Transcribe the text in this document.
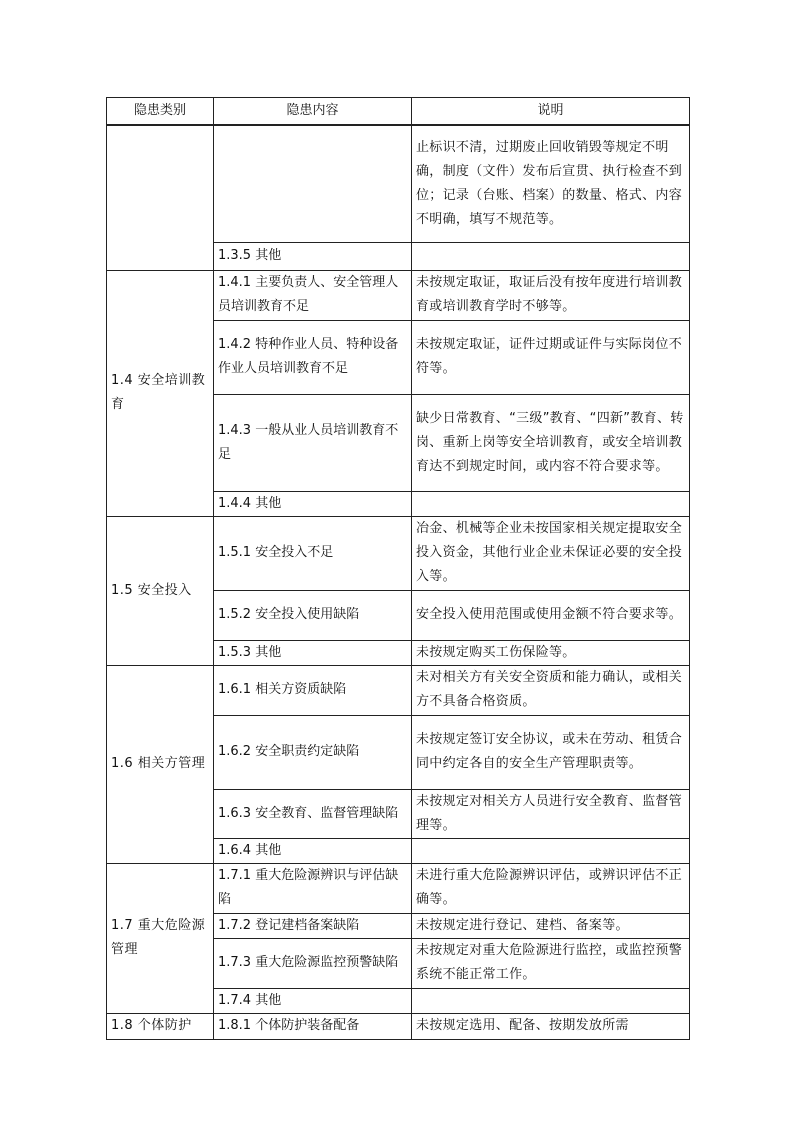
隐患类别	隐患内容	说明
		止标识不清，过期废止回收销毁等规定不明确，制度（文件）发布后宣贯、执行检查不到位；记录（台账、档案）的数量、格式、内容不明确，填写不规范等。
	1.3.5 其他	
1.4 安全培训教育	1.4.1 主要负责人、安全管理人员培训教育不足	未按规定取证，取证后没有按年度进行培训教育或培训教育学时不够等。
	1.4.2 特种作业人员、特种设备作业人员培训教育不足	未按规定取证，证件过期或证件与实际岗位不符等。
	1.4.3 一般从业人员培训教育不足	缺少日常教育、“三级”教育、“四新”教育、转岗、重新上岗等安全培训教育，或安全培训教育达不到规定时间，或内容不符合要求等。
	1.4.4 其他	
1.5 安全投入	1.5.1 安全投入不足	冶金、机械等企业未按国家相关规定提取安全投入资金，其他行业企业未保证必要的安全投入等。
	1.5.2 安全投入使用缺陷	安全投入使用范围或使用金额不符合要求等。
	1.5.3 其他	未按规定购买工伤保险等。
1.6 相关方管理	1.6.1 相关方资质缺陷	未对相关方有关安全资质和能力确认，或相关方不具备合格资质。
	1.6.2 安全职责约定缺陷	未按规定签订安全协议，或未在劳动、租赁合同中约定各自的安全生产管理职责等。
	1.6.3 安全教育、监督管理缺陷	未按规定对相关方人员进行安全教育、监督管理等。
	1.6.4 其他	
1.7 重大危险源管理	1.7.1 重大危险源辨识与评估缺陷	未进行重大危险源辨识评估，或辨识评估不正确等。
	1.7.2 登记建档备案缺陷	未按规定进行登记、建档、备案等。
	1.7.3 重大危险源监控预警缺陷	未按规定对重大危险源进行监控，或监控预警系统不能正常工作。
	1.7.4 其他	
1.8 个体防护	1.8.1 个体防护装备配备	未按规定选用、配备、按期发放所需
